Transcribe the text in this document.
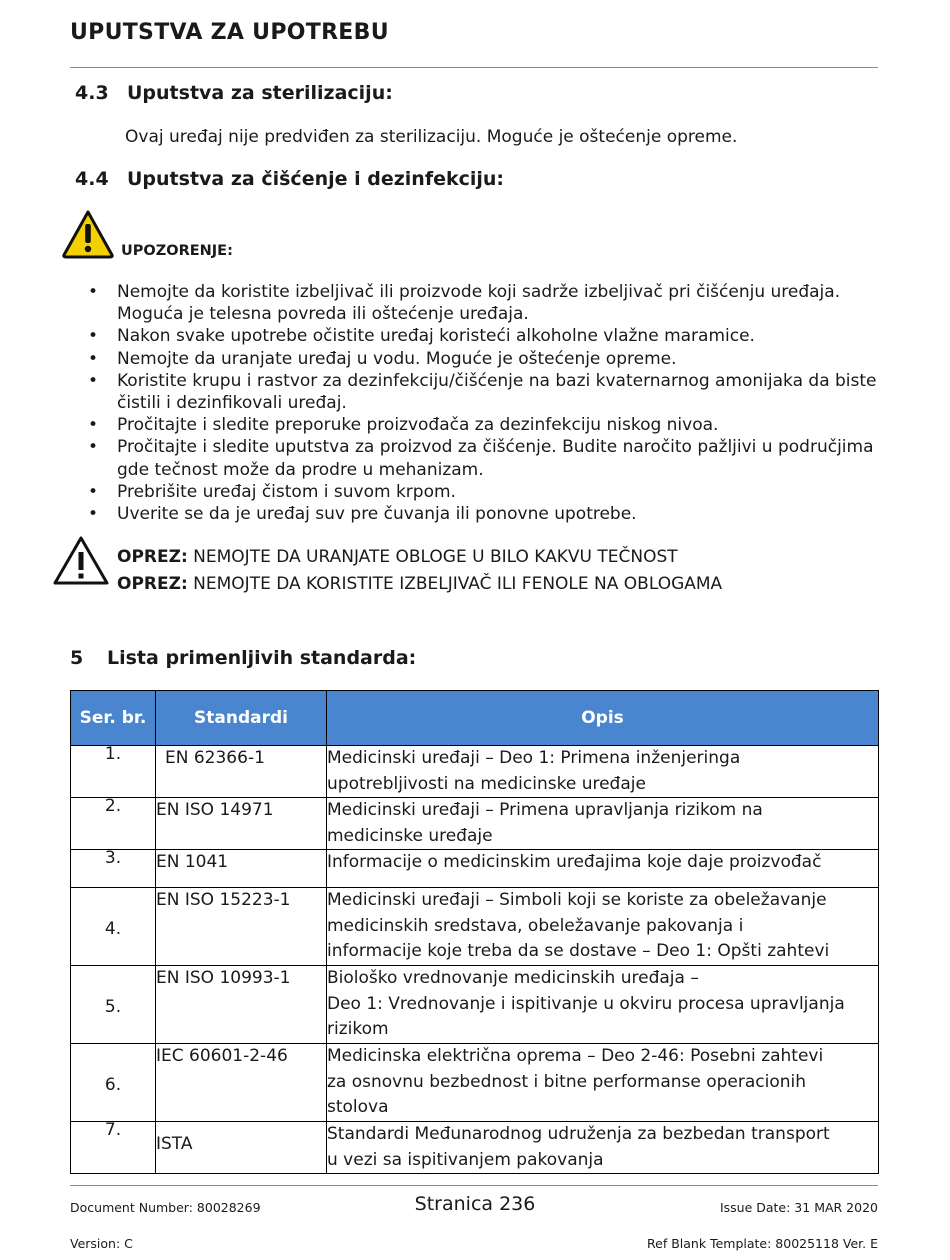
UPUTSTVA ZA UPOTREBU
4.3 Uputstva za sterilizaciju:
Ovaj uređaj nije predviđen za sterilizaciju. Moguće je oštećenje opreme.
4.4 Uputstva za čišćenje i dezinfekciju:
UPOZORENJE:
• Nemojte da koristite izbeljivač ili proizvode koji sadrže izbeljivač pri čišćenju uređaja. Moguća je telesna povreda ili oštećenje uređaja.
• Nakon svake upotrebe očistite uređaj koristeći alkoholne vlažne maramice.
• Nemojte da uranjate uređaj u vodu. Moguće je oštećenje opreme.
• Koristite krupu i rastvor za dezinfekciju/čišćenje na bazi kvaternarnog amonijaka da biste čistili i dezinfikovali uređaj.
• Pročitajte i sledite preporuke proizvođača za dezinfekciju niskog nivoa.
• Pročitajte i sledite uputstva za proizvod za čišćenje. Budite naročito pažljivi u područjima gde tečnost može da prodre u mehanizam.
• Prebrišite uređaj čistom i suvom krpom.
• Uverite se da je uređaj suv pre čuvanja ili ponovne upotrebe.
OPREZ: NEMOJTE DA URANJATE OBLOGE U BILO KAKVU TEČNOST
OPREZ: NEMOJTE DA KORISTITE IZBELJIVAČ ILI FENOLE NA OBLOGAMA
5 Lista primenljivih standarda:
Ser. br.	Standardi	Opis
1.	EN 62366-1	Medicinski uređaji – Deo 1: Primena inženjeringa
upotrebljivosti na medicinske uređaje

2.	EN ISO 14971	Medicinski uređaji – Primena upravljanja rizikom na
medicinske uređaje

3.	EN 1041	Informacije o medicinskim uređajima koje daje proizvođač

4.	EN ISO 15223-1	Medicinski uređaji – Simboli koji se koriste za obeležavanje
medicinskih sredstava, obeležavanje pakovanja i
informacije koje treba da se dostave – Deo 1: Opšti zahtevi

5.	EN ISO 10993-1	Biološko vrednovanje medicinskih uređaja –
Deo 1: Vrednovanje i ispitivanje u okviru procesa upravljanja
rizikom

6.	IEC 60601-2-46	Medicinska električna oprema – Deo 2-46: Posebni zahtevi
za osnovnu bezbednost i bitne performanse operacionih
stolova

7.	ISTA	Standardi Međunarodnog udruženja za bezbedan transport
u vezi sa ispitivanjem pakovanja
Document Number: 80028269	Stranica 236	Issue Date: 31 MAR 2020
Version: C	Ref Blank Template: 80025118 Ver. E
